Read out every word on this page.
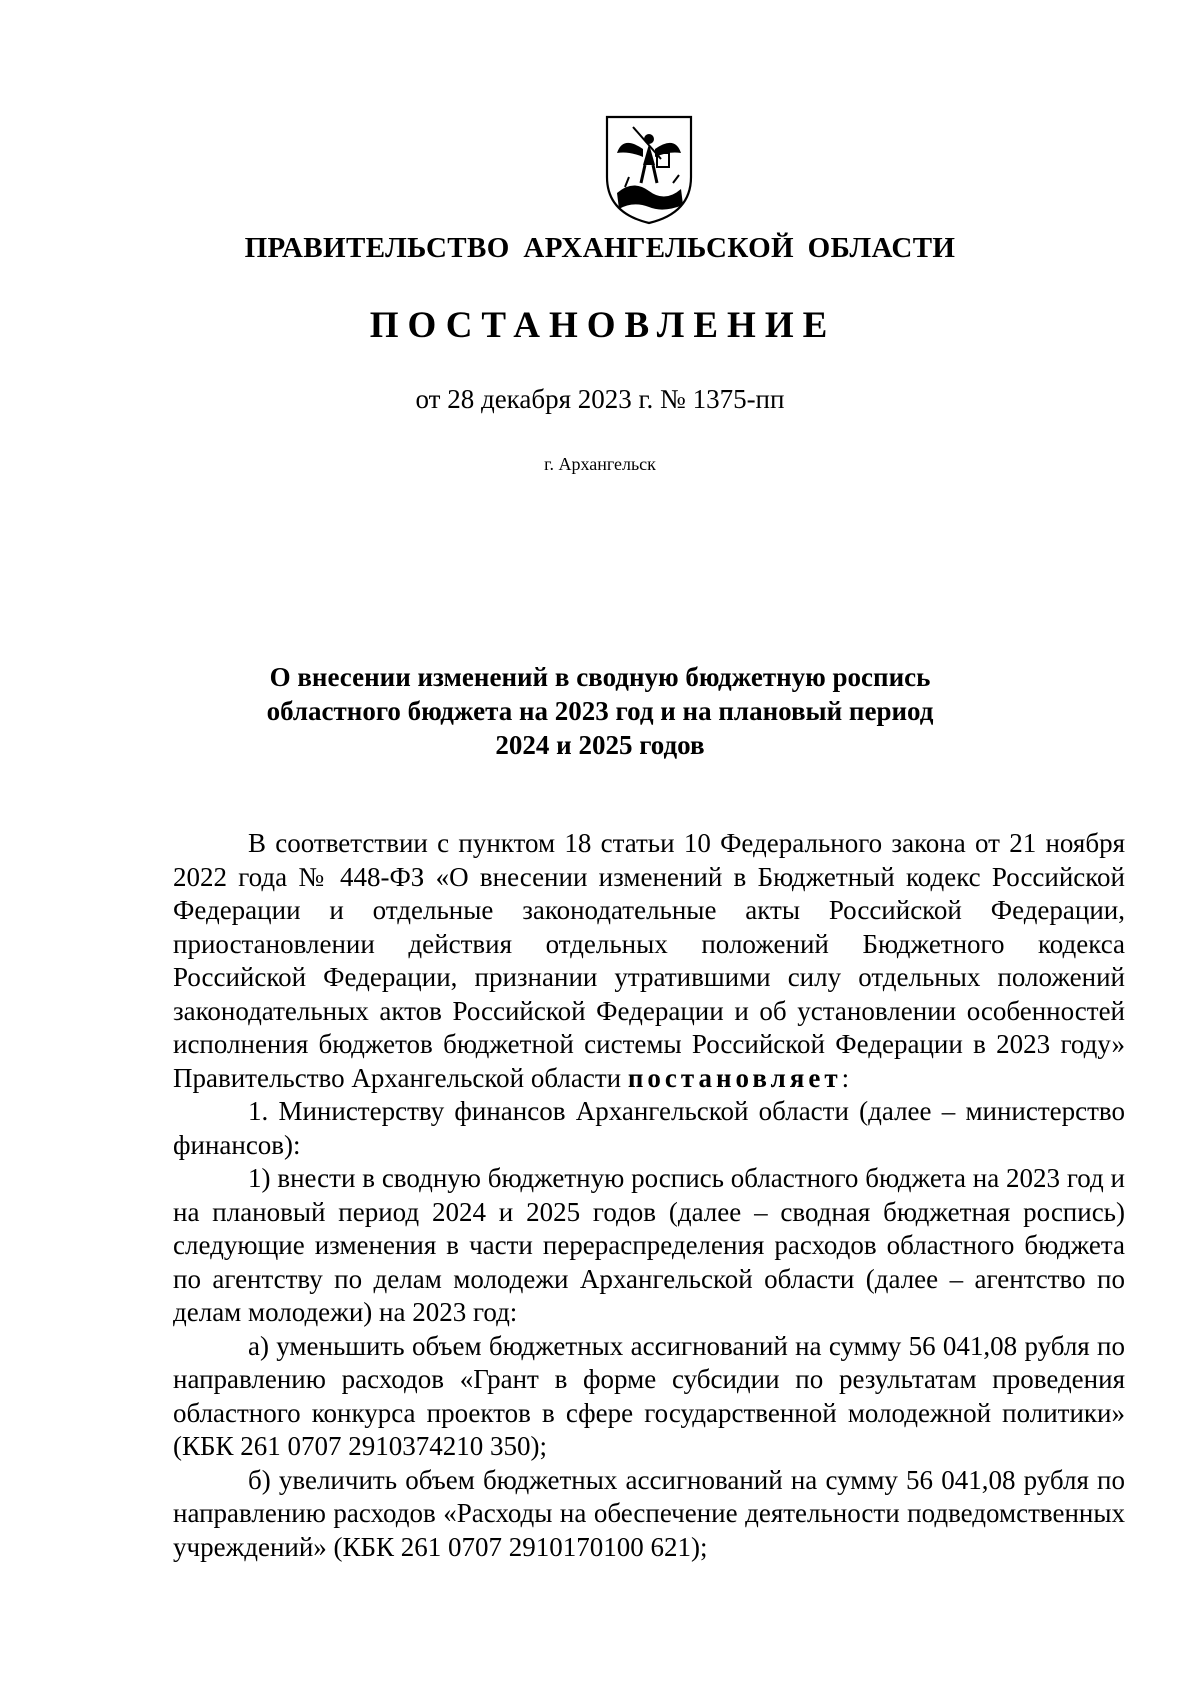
ПРАВИТЕЛЬСТВО АРХАНГЕЛЬСКОЙ ОБЛАСТИ
ПОСТАНОВЛЕНИЕ
от 28 декабря 2023 г. № 1375-пп
г. Архангельск
О внесении изменений в сводную бюджетную роспись
областного бюджета на 2023 год и на плановый период
2024 и 2025 годов

В соответствии с пунктом 18 статьи 10 Федерального закона от 21 ноября 2022 года № 448-ФЗ «О внесении изменений в Бюджетный кодекс Российской Федерации и отдельные законодательные акты Российской Федерации, приостановлении действия отдельных положений Бюджетного кодекса Российской Федерации, признании утратившими силу отдельных положений законодательных актов Российской Федерации и об установлении особенностей исполнения бюджетов бюджетной системы Российской Федерации в 2023 году» Правительство Архангельской области постановляет:

1. Министерству финансов Архангельской области (далее – министерство финансов):

1) внести в сводную бюджетную роспись областного бюджета на 2023 год и на плановый период 2024 и 2025 годов (далее – сводная бюджетная роспись) следующие изменения в части перераспределения расходов областного бюджета по агентству по делам молодежи Архангельской области (далее – агентство по делам молодежи) на 2023 год:

а) уменьшить объем бюджетных ассигнований на сумму 56 041,08 рубля по направлению расходов «Грант в форме субсидии по результатам проведения областного конкурса проектов в сфере государственной молодежной политики» (КБК 261 0707 2910374210 350);

б) увеличить объем бюджетных ассигнований на сумму 56 041,08 рубля по направлению расходов «Расходы на обеспечение деятельности подведомственных учреждений» (КБК 261 0707 2910170100 621);
